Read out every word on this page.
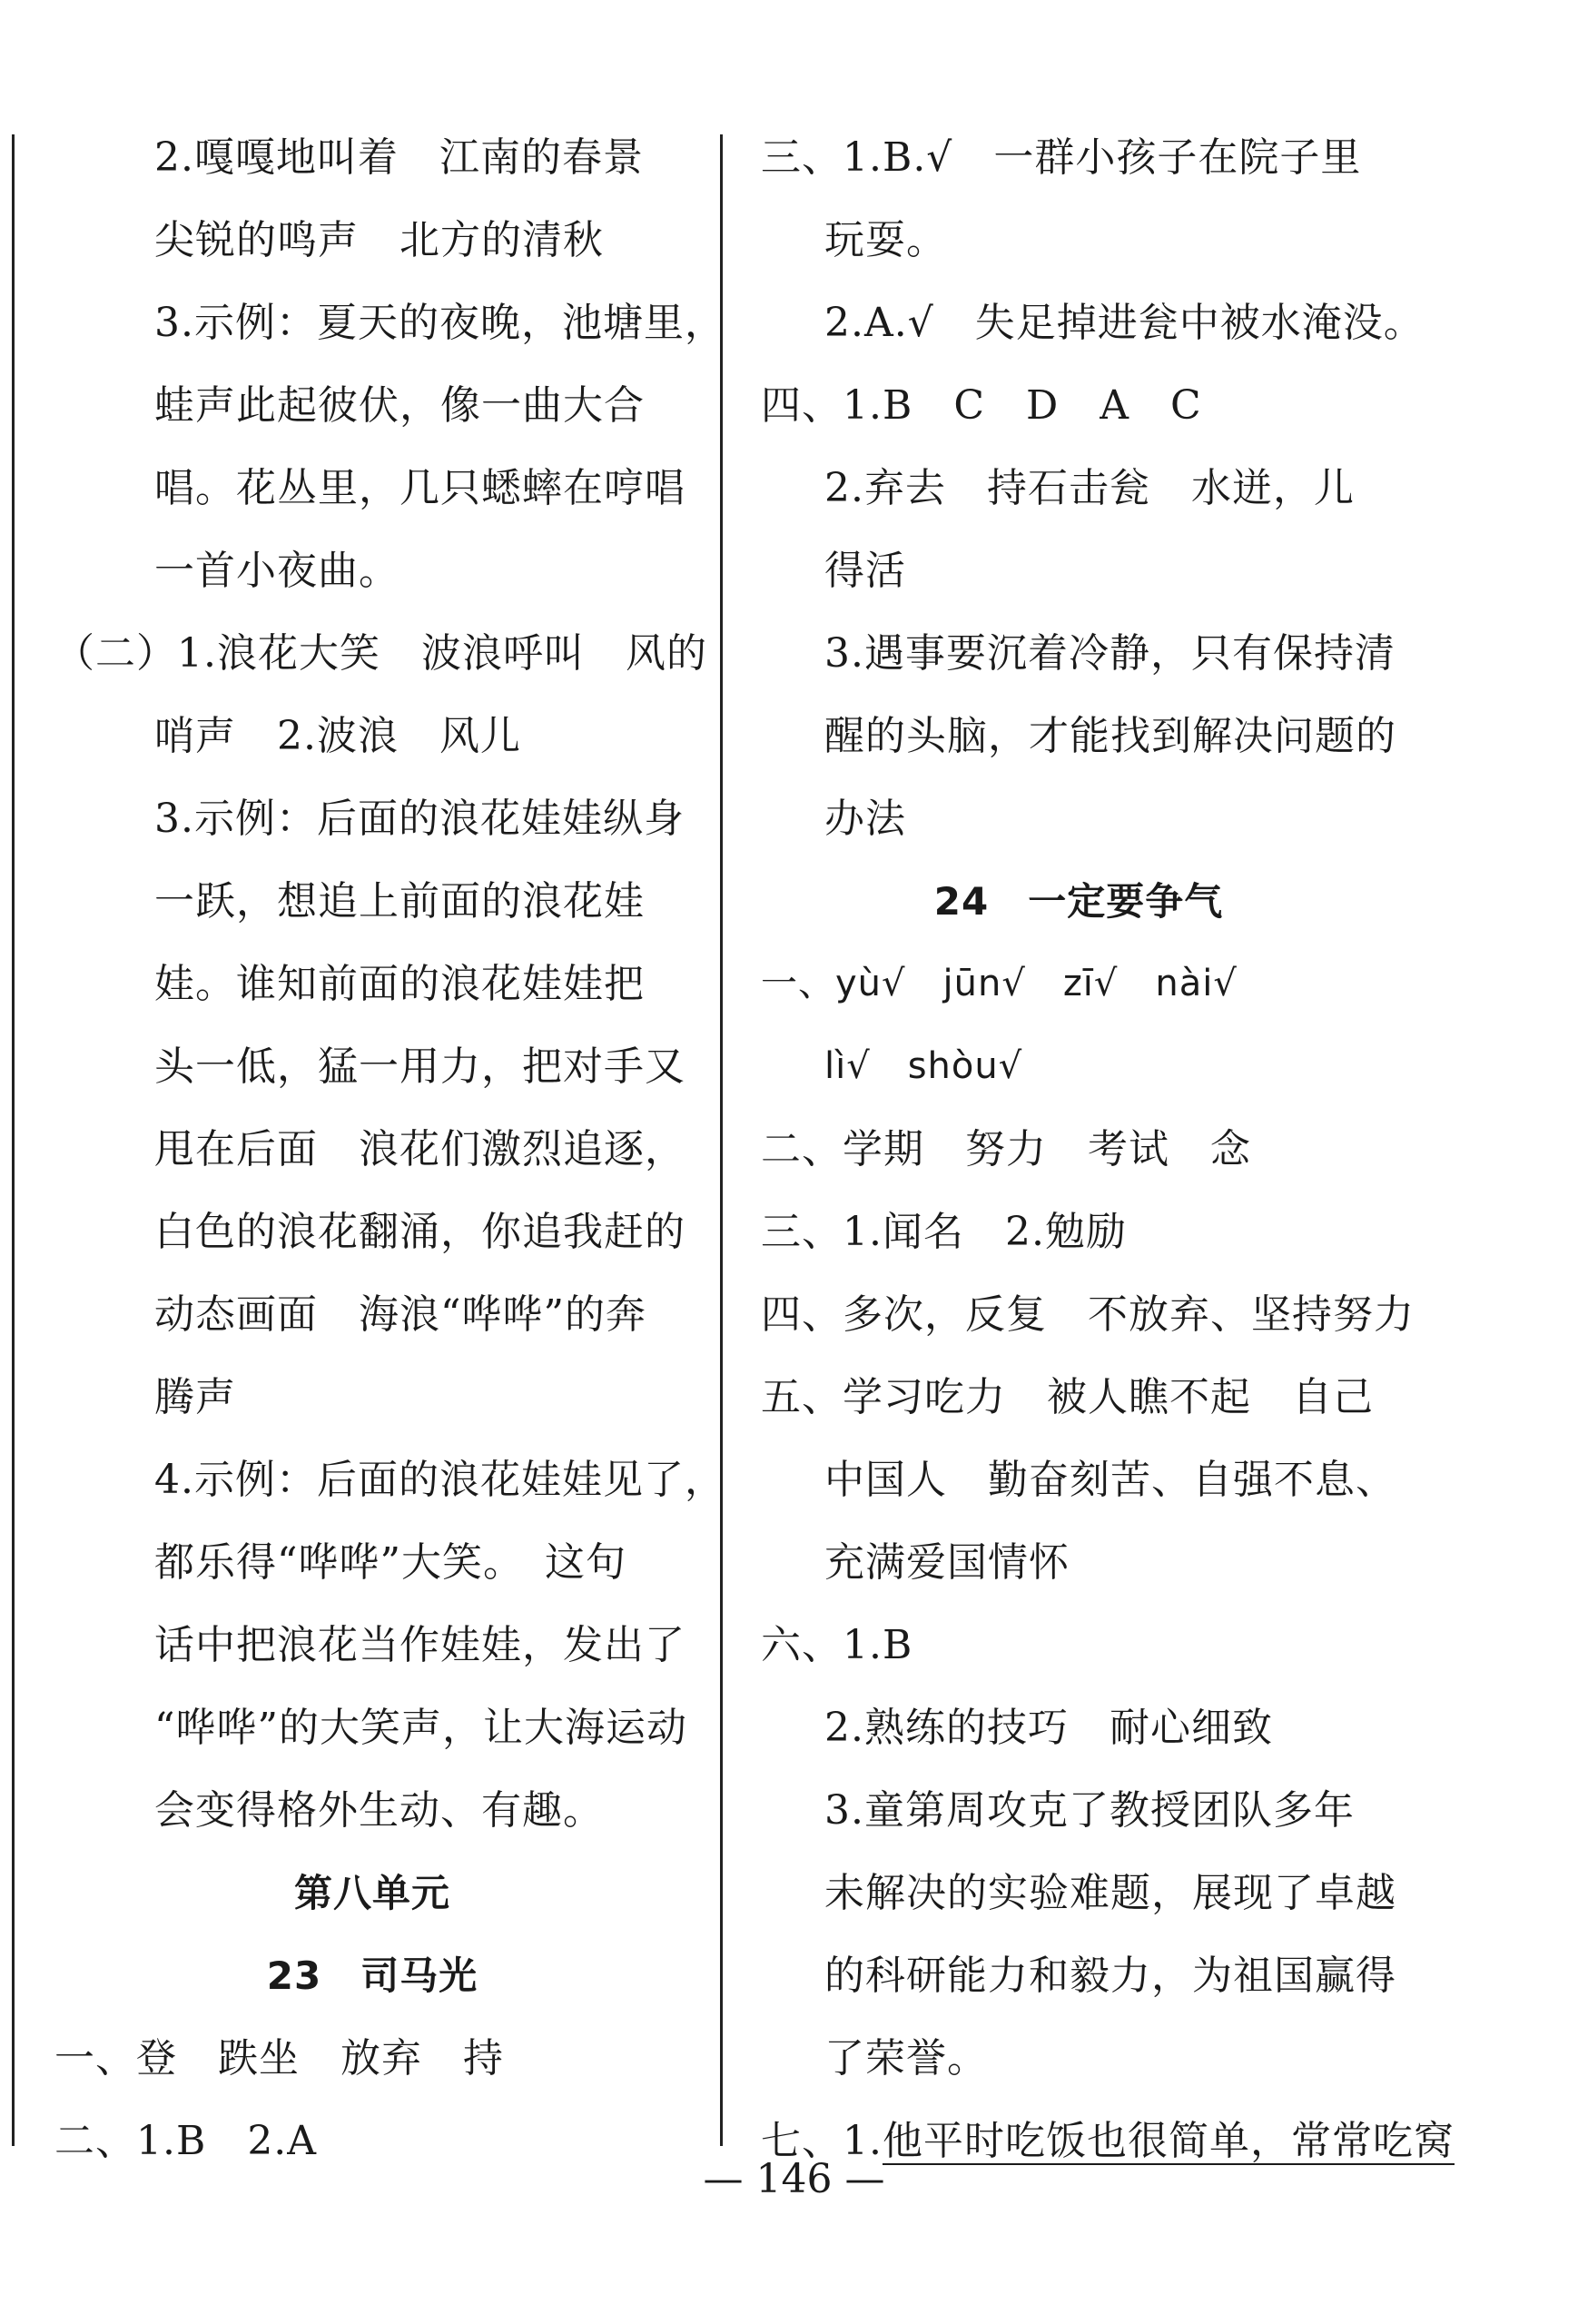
2.嘎嘎地叫着　江南的春景
尖锐的鸣声　北方的清秋
3.示例：夏天的夜晚，池塘里，
蛙声此起彼伏，像一曲大合
唱。花丛里，几只蟋蟀在哼唱
一首小夜曲。
（二）1.浪花大笑　波浪呼叫　风的
哨声　2.波浪　风儿
3.示例：后面的浪花娃娃纵身
一跃，想追上前面的浪花娃
娃。谁知前面的浪花娃娃把
头一低，猛一用力，把对手又
甩在后面　浪花们激烈追逐，
白色的浪花翻涌，你追我赶的
动态画面　海浪“哗哗”的奔
腾声
4.示例：后面的浪花娃娃见了，
都乐得“哗哗”大笑。　这句
话中把浪花当作娃娃，发出了
“哗哗”的大笑声，让大海运动
会变得格外生动、有趣。
第八单元
23　司马光
一、登　跌坐　放弃　持
二、1.B　2.A
三、1.B.√　一群小孩子在院子里
玩耍。
2.A.√　失足掉进瓮中被水淹没。
四、1.B　C　D　A　C
2.弃去　持石击瓮　水迸，儿
得活
3.遇事要沉着冷静，只有保持清
醒的头脑，才能找到解决问题的
办法
24　一定要争气
一、yù√　jūn√　zī√　nài√
lì√　shòu√
二、学期　努力　考试　念
三、1.闻名　2.勉励
四、多次，反复　不放弃、坚持努力
五、学习吃力　被人瞧不起　自己
中国人　勤奋刻苦、自强不息、
充满爱国情怀
六、1.B
2.熟练的技巧　耐心细致
3.童第周攻克了教授团队多年
未解决的实验难题，展现了卓越
的科研能力和毅力，为祖国赢得
了荣誉。
七、1.他平时吃饭也很简单，常常吃窝
— 146 —
